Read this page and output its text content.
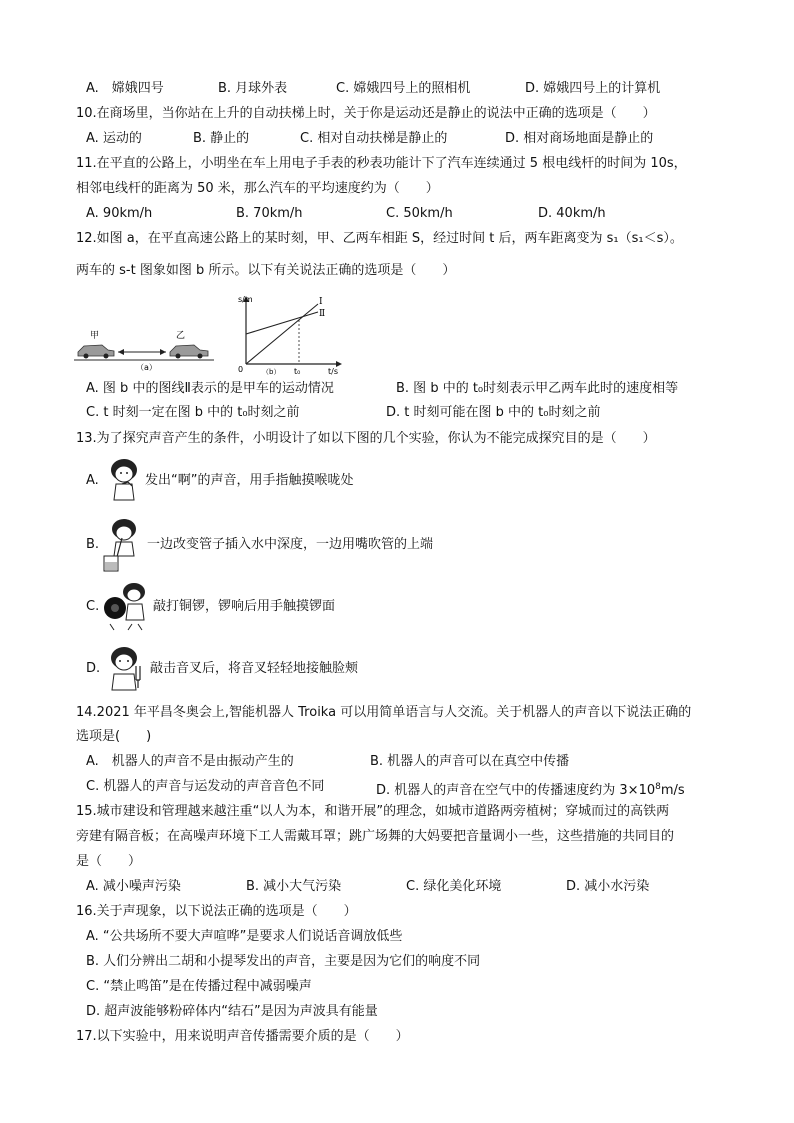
A.　嫦娥四号	B. 月球外表	C. 嫦娥四号上的照相机	D. 嫦娥四号上的计算机
10.在商场里，当你站在上升的自动扶梯上时，关于你是运动还是静止的说法中正确的选项是（　　）
A. 运动的	B. 静止的	C. 相对自动扶梯是静止的	D. 相对商场地面是静止的
11.在平直的公路上，小明坐在车上用电子手表的秒表功能计下了汽车连续通过 5 根电线杆的时间为 10s，
相邻电线杆的距离为 50 米，那么汽车的平均速度约为（　　）
A. 90km/h	B. 70km/h	C. 50km/h	D. 40km/h
12.如图 a，在平直高速公路上的某时刻，甲、乙两车相距 S，经过时间 t 后，两车距离变为 s₁（s₁＜s）。
两车的 s-t 图象如图 b 所示。以下有关说法正确的选项是（　　）
甲	乙
（a）
s/m
0
Ⅰ
Ⅱ
（b） t₀	t/s
A. 图 b 中的图线Ⅱ表示的是甲车的运动情况	B. 图 b 中的 t₀时刻表示甲乙两车此时的速度相等
C. t 时刻一定在图 b 中的 t₀时刻之前	D. t 时刻可能在图 b 中的 t₀时刻之前
13.为了探究声音产生的条件，小明设计了如以下图的几个实验，你认为不能完成探究目的是（　　）
A.	发出“啊”的声音，用手指触摸喉咙处
B.	一边改变管子插入水中深度，一边用嘴吹管的上端
C.	敲打铜锣，锣响后用手触摸锣面
D.	敲击音叉后，将音叉轻轻地接触脸颊
14.2021 年平昌冬奥会上,智能机器人 Troika 可以用简单语言与人交流。关于机器人的声音以下说法正确的
选项是(　　)
A.　机器人的声音不是由振动产生的	B. 机器人的声音可以在真空中传播
C. 机器人的声音与运发动的声音音色不同	D. 机器人的声音在空气中的传播速度约为 $3\times 10^8m/s$
15.城市建设和管理越来越注重“以人为本，和谐开展”的理念，如城市道路两旁植树；穿城而过的高铁两
旁建有隔音板；在高噪声环境下工人需戴耳罩；跳广场舞的大妈要把音量调小一些，这些措施的共同目的
是（　　）
A. 减小噪声污染	B. 减小大气污染	C. 绿化美化环境	D. 减小水污染
16.关于声现象，以下说法正确的选项是（　　）
A. “公共场所不要大声喧哗”是要求人们说话音调放低些
B. 人们分辨出二胡和小提琴发出的声音，主要是因为它们的响度不同
C. “禁止鸣笛”是在传播过程中减弱噪声
D. 超声波能够粉碎体内“结石”是因为声波具有能量
17.以下实验中，用来说明声音传播需要介质的是（　　）
